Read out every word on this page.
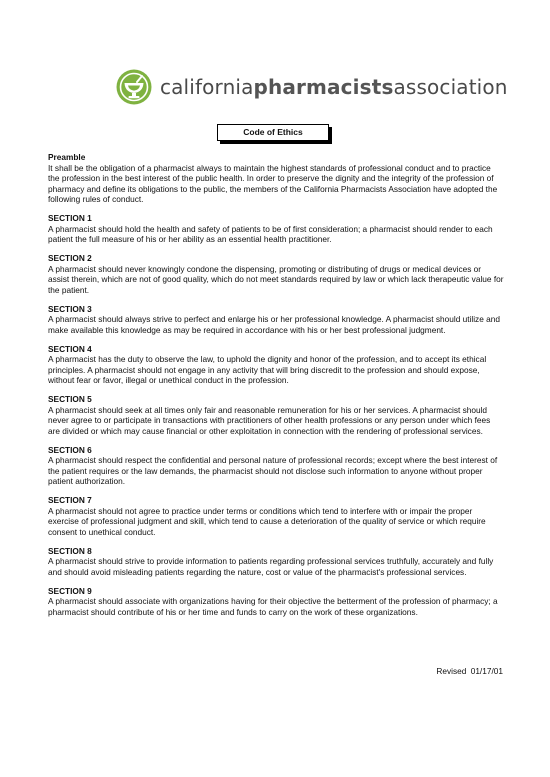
californiapharmacistsassociation
Code of Ethics

Preamble

It shall be the obligation of a pharmacist always to maintain the highest standards of professional conduct and to practice the profession in the best interest of the public health. In order to preserve the dignity and the integrity of the profession of pharmacy and define its obligations to the public, the members of the California Pharmacists Association have adopted the following rules of conduct.

SECTION 1

A pharmacist should hold the health and safety of patients to be of first consideration; a pharmacist should render to each patient the full measure of his or her ability as an essential health practitioner.

SECTION 2

A pharmacist should never knowingly condone the dispensing, promoting or distributing of drugs or medical devices or assist therein, which are not of good quality, which do not meet standards required by law or which lack therapeutic value for the patient.

SECTION 3

A pharmacist should always strive to perfect and enlarge his or her professional knowledge. A pharmacist should utilize and make available this knowledge as may be required in accordance with his or her best professional judgment.

SECTION 4

A pharmacist has the duty to observe the law, to uphold the dignity and honor of the profession, and to accept its ethical principles. A pharmacist should not engage in any activity that will bring discredit to the profession and should expose, without fear or favor, illegal or unethical conduct in the profession.

SECTION 5

A pharmacist should seek at all times only fair and reasonable remuneration for his or her services. A pharmacist should never agree to or participate in transactions with practitioners of other health professions or any person under which fees are divided or which may cause financial or other exploitation in connection with the rendering of professional services.

SECTION 6

A pharmacist should respect the confidential and personal nature of professional records; except where the best interest of the patient requires or the law demands, the pharmacist should not disclose such information to anyone without proper patient authorization.

SECTION 7

A pharmacist should not agree to practice under terms or conditions which tend to interfere with or impair the proper exercise of professional judgment and skill, which tend to cause a deterioration of the quality of service or which require consent to unethical conduct.

SECTION 8

A pharmacist should strive to provide information to patients regarding professional services truthfully, accurately and fully and should avoid misleading patients regarding the nature, cost or value of the pharmacist's professional services.

SECTION 9

A pharmacist should associate with organizations having for their objective the betterment of the profession of pharmacy; a pharmacist should contribute of his or her time and funds to carry on the work of these organizations.

Revised 01/17/01
